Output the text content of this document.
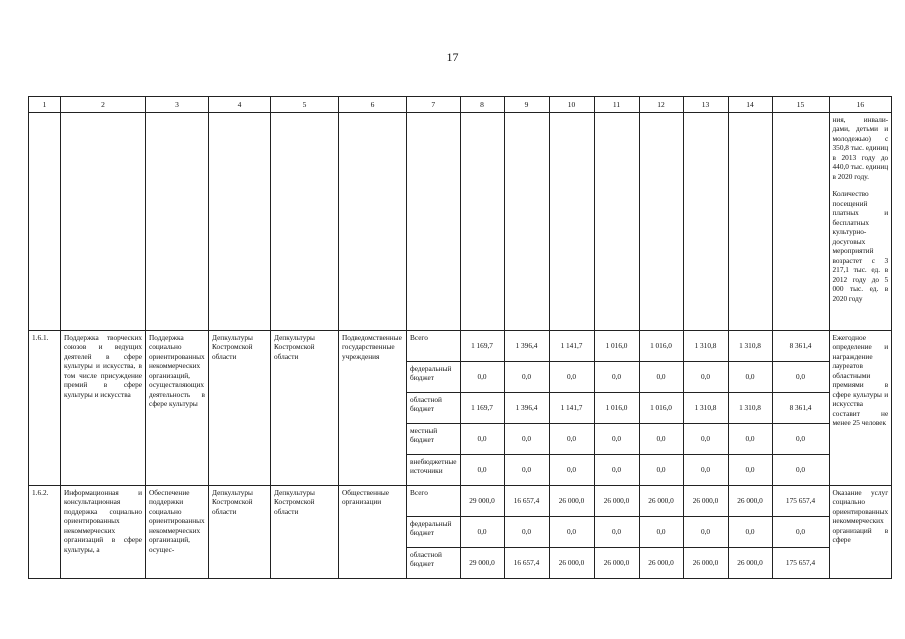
17
1	2	3	4	5	6	7	8	9	10	11	12	13	14	15	16

															ния, инвали-дами, детьми и молодежью) с 350,8 тыс. единиц в 2013 году до 440,0 тыс. единиц в 2020 году.

Количество посещений платных и бесплатных культурно-досуговых мероприятий возрастет с 3 217,1 тыс. ед. в 2012 году до 5 000 тыс. ед. в 2020 году

1.6.1.	Поддержка творческих союзов и ведущих деятелей в сфере культуры и искусства, в том числе присуждение премий в сфере культуры и искусства	Поддержка социально ориентированных некоммерческих организаций, осуществляющих деятельность в сфере культуры	Депкультуры Костромской области	Депкультуры Костромской области	Подведомственные государственные учреждения	Всего	1 169,7	1 396,4	1 141,7	1 016,0	1 016,0	1 310,8	1 310,8	8 361,4	Ежегодное определение и награждение лауреатов областными премиями в сфере культуры и искусства составит не менее 25 человек
						федеральный бюджет	0,0	0,0	0,0	0,0	0,0	0,0	0,0	0,0	
						областной бюджет	1 169,7	1 396,4	1 141,7	1 016,0	1 016,0	1 310,8	1 310,8	8 361,4	
						местный бюджет	0,0	0,0	0,0	0,0	0,0	0,0	0,0	0,0	
						внебюджетные источники	0,0	0,0	0,0	0,0	0,0	0,0	0,0	0,0	
1.6.2.	Информационная и консультационная поддержка социально ориентированных некоммерческих организаций в сфере культуры, а	Обеспечение поддержки социально ориентированных некоммерческих организаций, осущес-	Депкультуры Костромской области	Депкультуры Костромской области	Общественные организации	Всего	29 000,0	16 657,4	26 000,0	26 000,0	26 000,0	26 000,0	26 000,0	175 657,4	Оказание услуг социально ориентированных некоммерческих организаций в сфере
						федеральный бюджет	0,0	0,0	0,0	0,0	0,0	0,0	0,0	0,0	
						областной бюджет	29 000,0	16 657,4	26 000,0	26 000,0	26 000,0	26 000,0	26 000,0	175 657,4	
